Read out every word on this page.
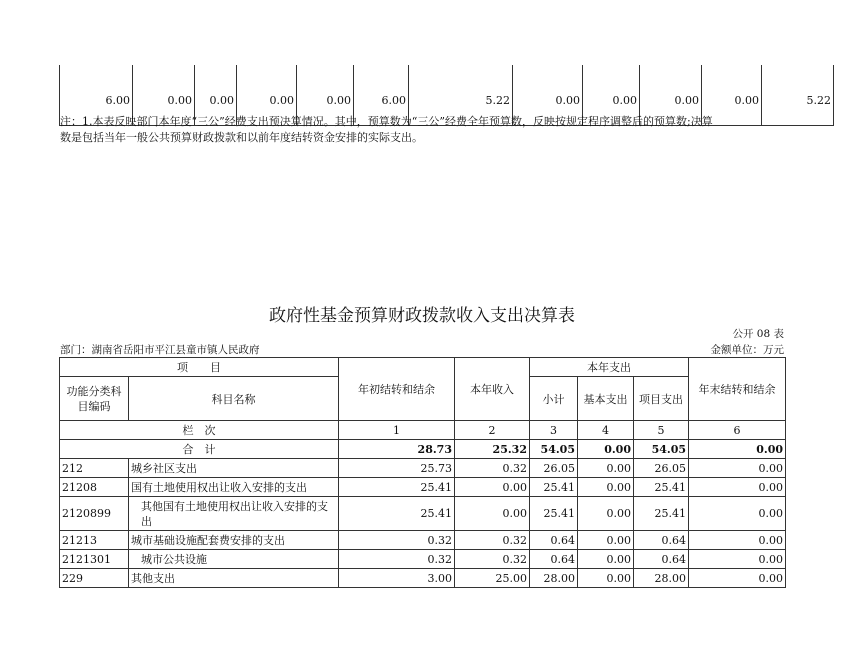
6.00	0.00	0.00	0.00	0.00	6.00	5.22	0.00	0.00	0.00	0.00	5.22
注：1.本表反映部门本年度“三公”经费支出预决算情况。其中，预算数为“三公”经费全年预算数，反映按规定程序调整后的预算数;决算
数是包括当年一般公共预算财政拨款和以前年度结转资金安排的实际支出。
政府性基金预算财政拨款收入支出决算表
公开 08 表
部门：湖南省岳阳市平江县童市镇人民政府	金额单位：万元
项　　目		年初结转和结余	本年收入	本年支出			年末结转和结余
功能分类科目编码	科目名称			小计	基本支出	项目支出	
栏　次		1	2	3	4	5	6
合　计		28.73	25.32	54.05	0.00	54.05	0.00
212	城乡社区支出	25.73	0.32	26.05	0.00	26.05	0.00
21208	国有土地使用权出让收入安排的支出	25.41	0.00	25.41	0.00	25.41	0.00
2120899	其他国有土地使用权出让收入安排的支出	25.41	0.00	25.41	0.00	25.41	0.00
21213	城市基础设施配套费安排的支出	0.32	0.32	0.64	0.00	0.64	0.00
2121301	城市公共设施	0.32	0.32	0.64	0.00	0.64	0.00
229	其他支出	3.00	25.00	28.00	0.00	28.00	0.00
